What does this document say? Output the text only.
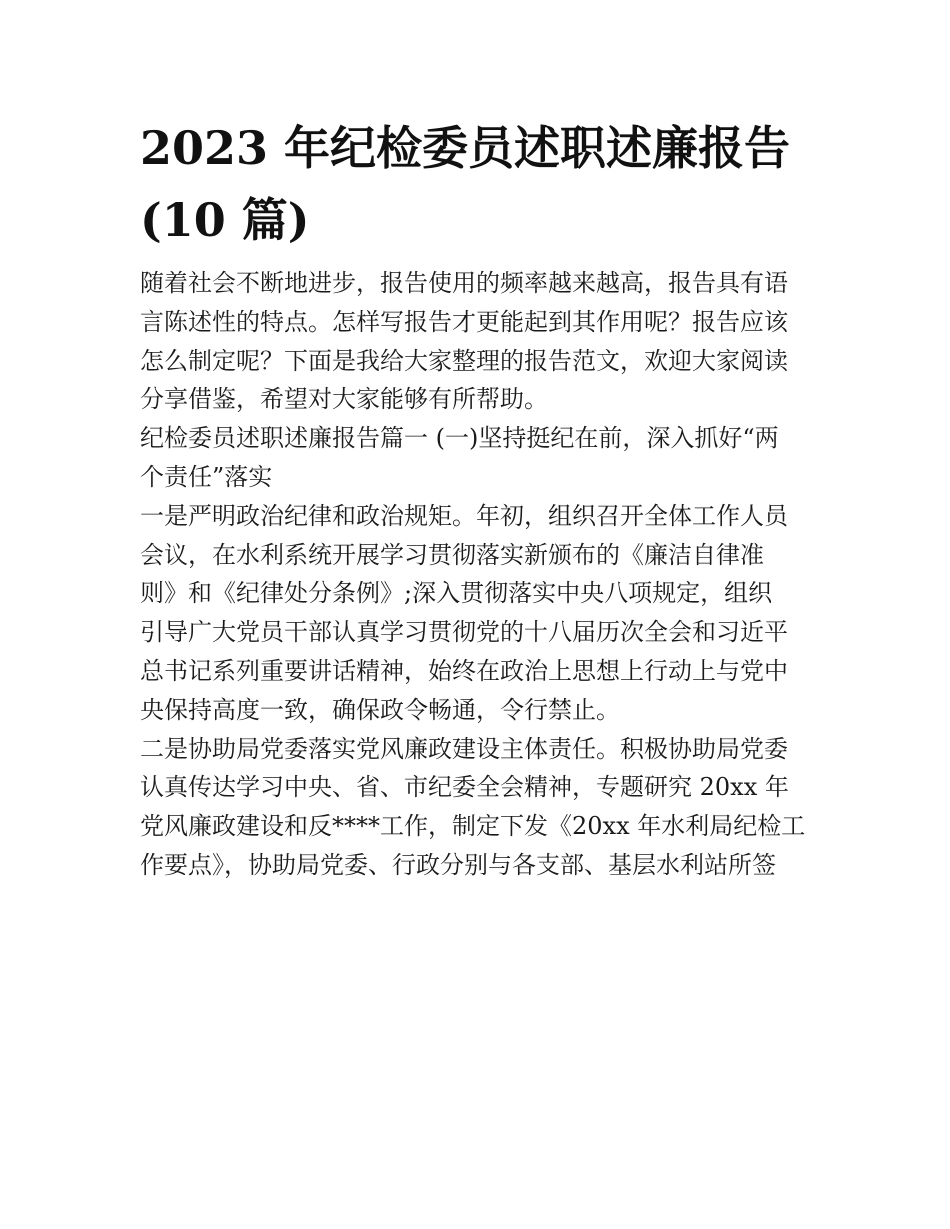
2023 年纪检委员述职述廉报告
(10 篇)

随着社会不断地进步，报告使用的频率越来越高，报告具有语
言陈述性的特点。怎样写报告才更能起到其作用呢？报告应该
怎么制定呢？下面是我给大家整理的报告范文，欢迎大家阅读
分享借鉴，希望对大家能够有所帮助。

纪检委员述职述廉报告篇一 (一)坚持挺纪在前，深入抓好“两
个责任”落实

一是严明政治纪律和政治规矩。年初，组织召开全体工作人员
会议，在水利系统开展学习贯彻落实新颁布的《廉洁自律准
则》和《纪律处分条例》;深入贯彻落实中央八项规定，组织
引导广大党员干部认真学习贯彻党的十八届历次全会和习近平
总书记系列重要讲话精神，始终在政治上思想上行动上与党中
央保持高度一致，确保政令畅通，令行禁止。

二是协助局党委落实党风廉政建设主体责任。积极协助局党委
认真传达学习中央、省、市纪委全会精神，专题研究 20xx 年
党风廉政建设和反****工作，制定下发《20xx 年水利局纪检工
作要点》，协助局党委、行政分别与各支部、基层水利站所签
